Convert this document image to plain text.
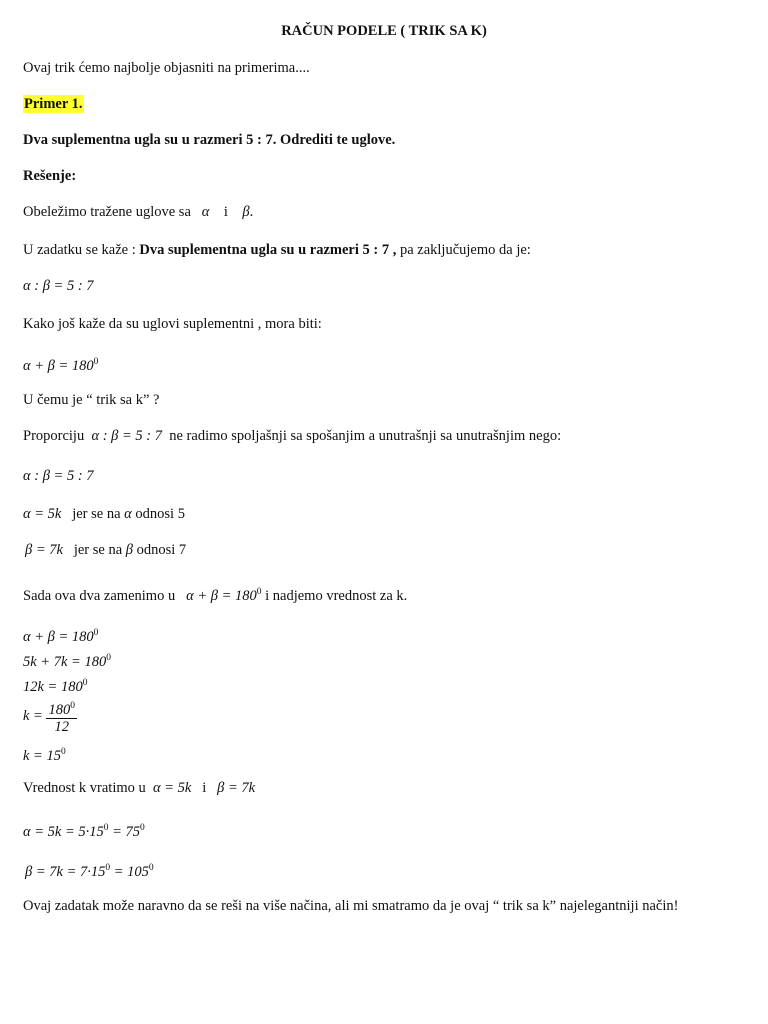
RAČUN PODELE ( TRIK SA K)
Ovaj trik ćemo najbolje objasniti na primerima....
Primer 1.
Dva suplementna ugla su u razmeri 5 : 7. Odrediti te uglove.
Rešenje:
Obeležimo tražene uglove sa α i β.
U zadatku se kaže : Dva suplementna ugla su u razmeri 5 : 7 , pa zaključujemo da je:
α : β = 5 : 7
Kako još kaže da su uglovi suplementni , mora biti:
$\alpha + \beta = 180^0$
U čemu je “ trik sa k” ?
Proporciju α : β = 5 : 7 ne radimo spoljašnji sa spošanjim a unutrašnji sa unutrašnjim nego:
α : β = 5 : 7
α = 5k jer se na α odnosi 5
β = 7k jer se na β odnosi 7
Sada ova dva zamenimo u $\alpha + \beta = 180^0$ i nadjemo vrednost za k.
$\alpha + \beta = 180^0$
$5k + 7k = 180^0$
$12k = 180^0$
$k = \frac{180^0}{12}$
$k = 15^0$
Vrednost k vratimo u α = 5k i β = 7k
$\alpha = 5k = 5\cdot 15^0 = 75^0$
$\beta = 7k = 7\cdot 15^0 = 105^0$
Ovaj zadatak može naravno da se reši na više načina, ali mi smatramo da je ovaj “ trik sa k” najelegantniji način!
